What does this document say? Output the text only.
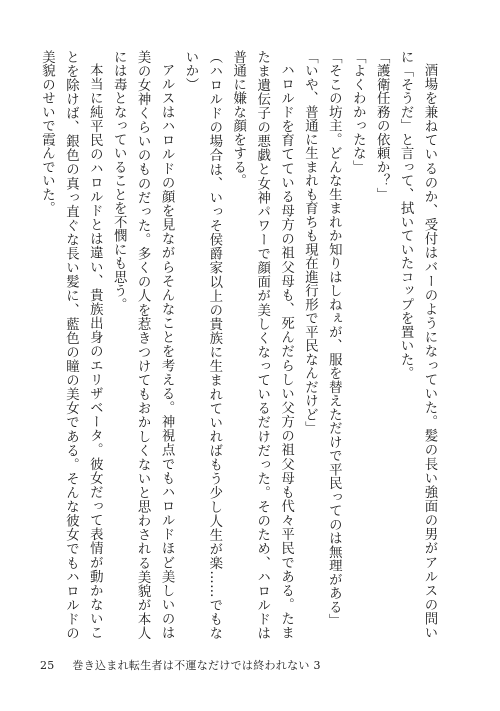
酒場を兼ねているのか、受付はバーのようになっていた。髪の長い強面の男がアルスの問いに「そうだ」と言って、拭いていたコップを置いた。

「護衛任務の依頼か？」

「よくわかったな」

「そこの坊主。どんな生まれか知りはしねぇが、服を替えただけで平民ってのは無理がある」

「いや、普通に生まれも育ちも現在進行形で平民なんだけど」

ハロルドを育てている母方の祖父母も、死んだらしい父方の祖父母も代々平民である。たまたま遺伝子の悪戯と女神パワーで顔面が美しくなっているだけだった。そのため、ハロルドは普通に嫌な顔をする。

（ハロルドの場合は、いっそ侯爵家以上の貴族に生まれていればもう少し人生が楽……でもないか）

アルスはハロルドの顔を見ながらそんなことを考える。神視点でもハロルドほど美しいのは美の女神くらいのものだった。多くの人を惹きつけてもおかしくないと思わされる美貌が本人には毒となっていることを不憫にも思う。

本当に純平民のハロルドとは違い、貴族出身のエリザベータ。彼女だって表情が動かないことを除けば、銀色の真っ直ぐな長い髪に、藍色の瞳の美女である。そんな彼女でもハロルドの美貌のせいで霞んでいた。

25 巻き込まれ転生者は不運なだけでは終われない 3
